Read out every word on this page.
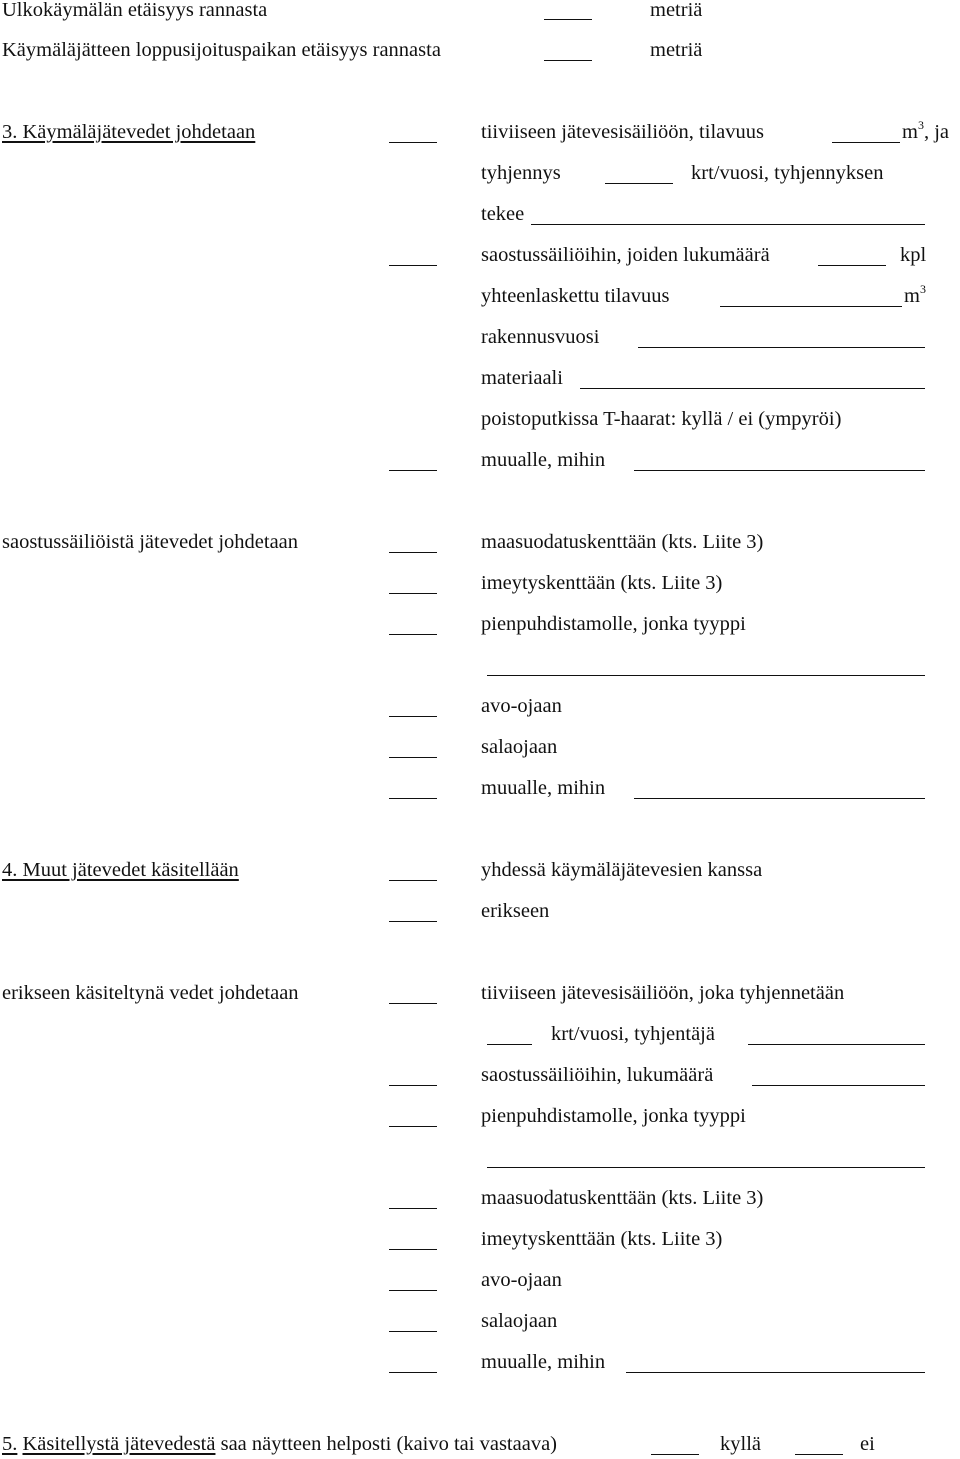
Ulkokäymälän etäisyys rannasta	metriä
Käymäläjätteen loppusijoituspaikan etäisyys rannasta	metriä
3. Käymäläjätevedet johdetaan	tiiviiseen jätevesisäiliöön, tilavuus	$m^3$, ja
tyhjennys	krt/vuosi, tyhjennyksen
tekee
saostussäiliöihin, joiden lukumäärä	kpl
yhteenlaskettu tilavuus	$m^3$
rakennusvuosi
materiaali
poistoputkissa T-haarat: kyllä / ei (ympyröi)
muualle, mihin
saostussäiliöistä jätevedet johdetaan	maasuodatuskenttään (kts. Liite 3)
imeytyskenttään (kts. Liite 3)
pienpuhdistamolle, jonka tyyppi
avo-ojaan
salaojaan
muualle, mihin
4. Muut jätevedet käsitellään	yhdessä käymäläjätevesien kanssa
erikseen
erikseen käsiteltynä vedet johdetaan	tiiviiseen jätevesisäiliöön, joka tyhjennetään
krt/vuosi, tyhjentäjä
saostussäiliöihin, lukumäärä
pienpuhdistamolle, jonka tyyppi
maasuodatuskenttään (kts. Liite 3)
imeytyskenttään (kts. Liite 3)
avo-ojaan
salaojaan
muualle, mihin
5. Käsitellystä jätevedestä saa näytteen helposti (kaivo tai vastaava)	kyllä	ei
